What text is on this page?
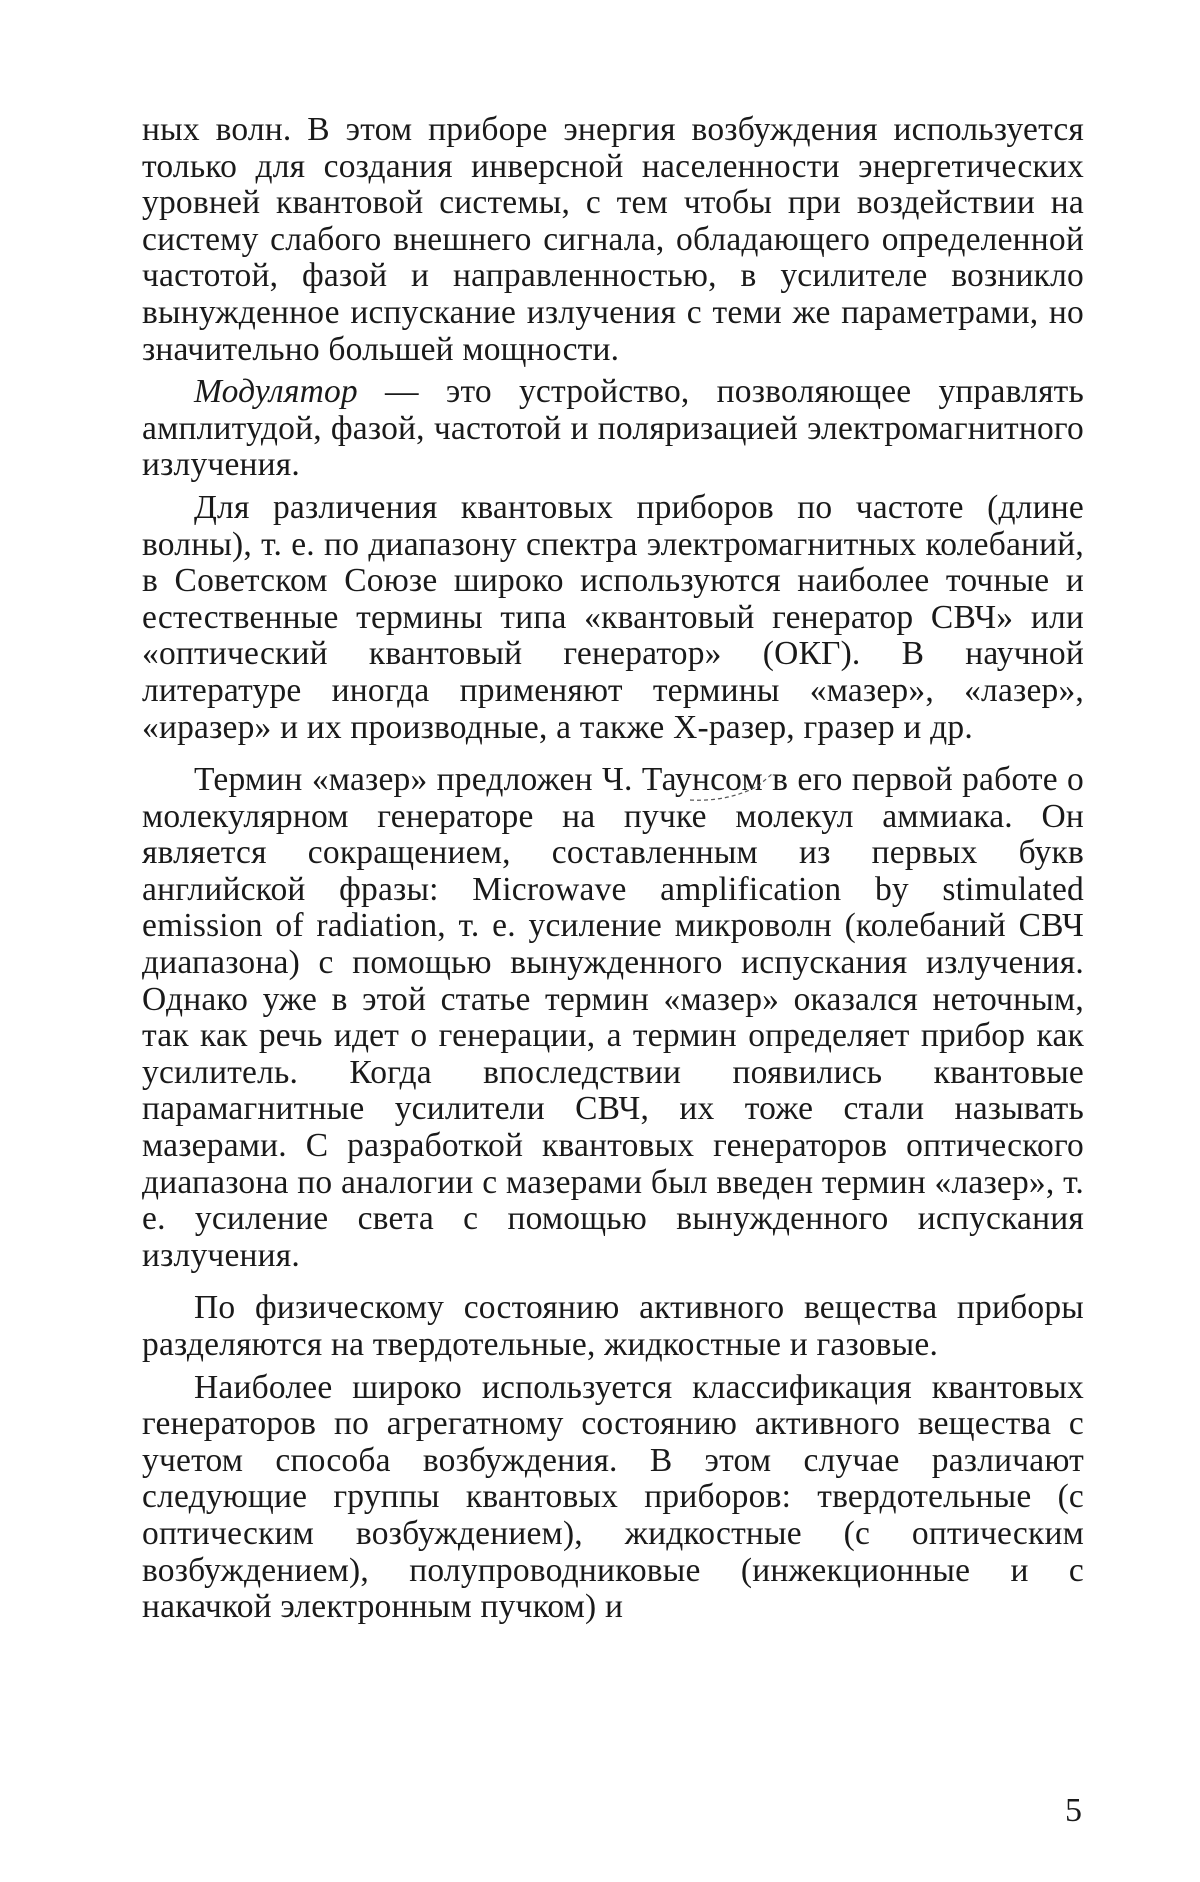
ных волн. В этом приборе энергия возбуждения используется только для создания инверсной населенности энергетических уровней квантовой системы, с тем чтобы при воздействии на систему слабого внешнего сигнала, обладающего определенной частотой, фазой и направленностью, в усилителе возникло вынужденное испускание излучения с теми же параметрами, но значительно большей мощности.

Модулятор — это устройство, позволяющее управлять амплитудой, фазой, частотой и поляризацией электромагнитного излучения.

Для различения квантовых приборов по частоте (длине волны), т. е. по диапазону спектра электромагнитных колебаний, в Советском Союзе широко используются наиболее точные и естественные термины типа «квантовый генератор СВЧ» или «оптический квантовый генератор» (ОКГ). В научной литературе иногда применяют термины «мазер», «лазер», «иразер» и их производные, а также Х-разер, гразер и др.

Термин «мазер» предложен Ч. Таунсом в его первой работе о молекулярном генераторе на пучке молекул аммиака. Он является сокращением, составленным из первых букв английской фразы: Microwave amplification by stimulated emission of radiation, т. е. усиление микроволн (колебаний СВЧ диапазона) с помощью вынужденного испускания излучения. Однако уже в этой статье термин «мазер» оказался неточным, так как речь идет о генерации, а термин определяет прибор как усилитель. Когда впоследствии появились квантовые парамагнитные усилители СВЧ, их тоже стали называть мазерами. С разработкой квантовых генераторов оптического диапазона по аналогии с мазерами был введен термин «лазер», т. е. усиление света с помощью вынужденного испускания излучения.

По физическому состоянию активного вещества приборы разделяются на твердотельные, жидкостные и газовые.

Наиболее широко используется классификация квантовых генераторов по агрегатному состоянию активного вещества с учетом способа возбуждения. В этом случае различают следующие группы квантовых приборов: твердотельные (с оптическим возбуждением), жидкостные (с оптическим возбуждением), полупроводниковые (инжекционные и с накачкой электронным пучком) и

5
